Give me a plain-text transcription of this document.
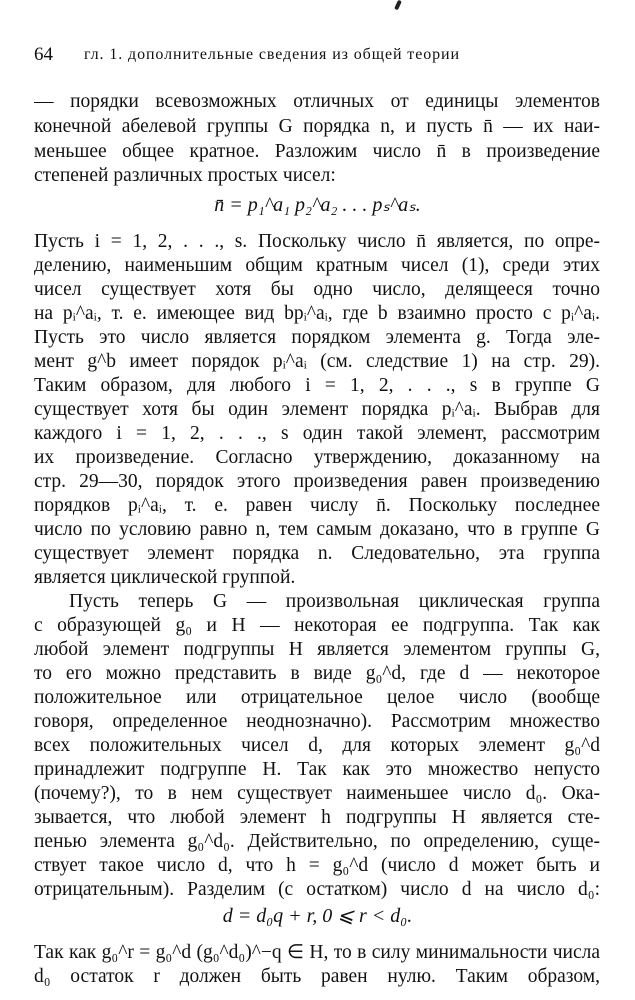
64 гл. 1. дополнительные сведения из общей теории
— порядки всевозможных отличных от единицы элементов
конечной абелевой группы G порядка n, и пусть n̄ — их наи-
меньшее общее кратное. Разложим число n̄ в произведение
степеней различных простых чисел:
n̄ = p₁^a₁ p₂^a₂ . . . pₛ^aₛ.
Пусть i = 1, 2, . . ., s. Поскольку число n̄ является, по опре-
делению, наименьшим общим кратным чисел (1), среди этих
чисел существует хотя бы одно число, делящееся точно
на pᵢ^aᵢ, т. е. имеющее вид bpᵢ^aᵢ, где b взаимно просто с pᵢ^aᵢ.
Пусть это число является порядком элемента g. Тогда эле-
мент g^b имеет порядок pᵢ^aᵢ (см. следствие 1) на стр. 29).
Таким образом, для любого i = 1, 2, . . ., s в группе G
существует хотя бы один элемент порядка pᵢ^aᵢ. Выбрав для
каждого i = 1, 2, . . ., s один такой элемент, рассмотрим
их произведение. Согласно утверждению, доказанному на
стр. 29—30, порядок этого произведения равен произведению
порядков pᵢ^aᵢ, т. е. равен числу n̄. Поскольку последнее
число по условию равно n, тем самым доказано, что в группе G
существует элемент порядка n. Следовательно, эта группа
является циклической группой.
Пусть теперь G — произвольная циклическая группа
с образующей g₀ и H — некоторая ее подгруппа. Так как
любой элемент подгруппы H является элементом группы G,
то его можно представить в виде g₀^d, где d — некоторое
положительное или отрицательное целое число (вообще
говоря, определенное неоднозначно). Рассмотрим множество
всех положительных чисел d, для которых элемент g₀^d
принадлежит подгруппе H. Так как это множество непусто
(почему?), то в нем существует наименьшее число d₀. Ока-
зывается, что любой элемент h подгруппы H является сте-
пенью элемента g₀^d₀. Действительно, по определению, суще-
ствует такое число d, что h = g₀^d (число d может быть и
отрицательным). Разделим (с остатком) число d на число d₀:
d = d₀q + r, 0 ⩽ r < d₀.
Так как g₀^r = g₀^d (g₀^d₀)^−q ∈ H, то в силу минимальности числа
d₀ остаток r должен быть равен нулю. Таким образом,
